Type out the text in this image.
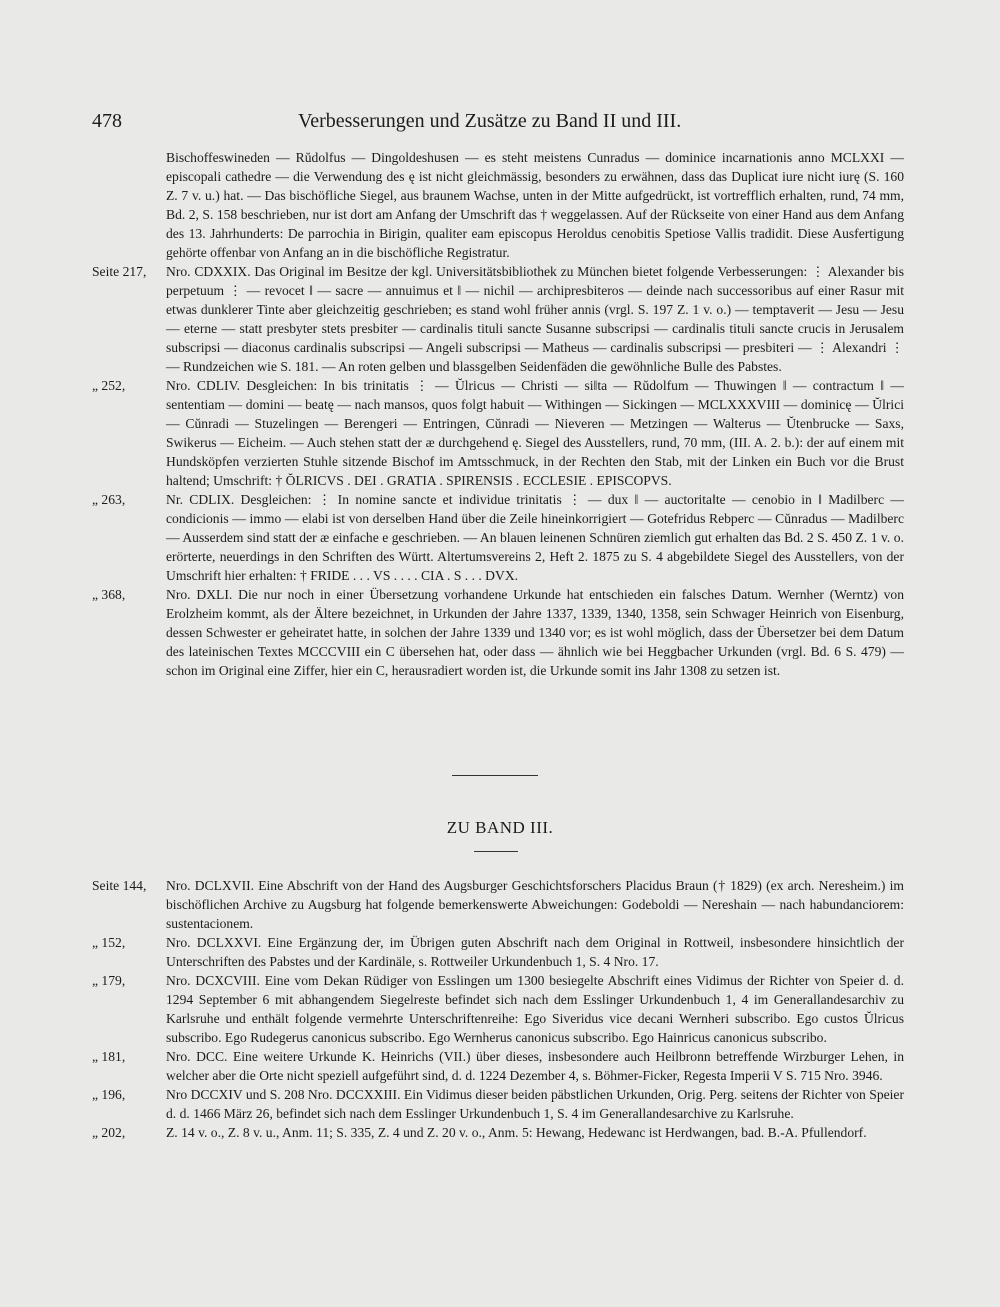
478	Verbesserungen und Zusätze zu Band II und III.

Bischoffeswineden — Rŭdolfus — Dingoldeshusen — es steht meistens Cunradus — dominice incarnationis anno MCLXXI — episcopali cathedre — die Verwendung des ę ist nicht gleichmässig, besonders zu erwähnen, dass das Duplicat iure nicht iurę (S. 160 Z. 7 v. u.) hat. — Das bischöfliche Siegel, aus braunem Wachse, unten in der Mitte aufgedrückt, ist vortrefflich erhalten, rund, 74 mm, Bd. 2, S. 158 beschrieben, nur ist dort am Anfang der Umschrift das † weggelassen. Auf der Rückseite von einer Hand aus dem Anfang des 13. Jahrhunderts: De parrochia in Birigin, qualiter eam episcopus Heroldus cenobitis Spetiose Vallis tradidit. Diese Ausfertigung gehörte offenbar von Anfang an in die bischöfliche Registratur.

Seite 217,	Nro. CDXXIX. Das Original im Besitze der kgl. Universitätsbibliothek zu München bietet folgende Verbesserungen: ⋮ Alexander bis perpetuum ⋮ — revocet ‖ — sacre — annuimus et ‖ — nichil — archipresbiteros — deinde nach successoribus auf einer Rasur mit etwas dunklerer Tinte aber gleichzeitig geschrieben; es stand wohl früher annis (vrgl. S. 197 Z. 1 v. o.) — temptaverit — Jesu — Jesu — eterne — statt presbyter stets presbiter — cardinalis tituli sancte Susanne subscripsi — cardinalis tituli sancte crucis in Jerusalem subscripsi — diaconus cardinalis subscripsi — Angeli subscripsi — Matheus — cardinalis subscripsi — presbiteri — ⋮ Alexandri ⋮ — Rundzeichen wie S. 181. — An roten gelben und blassgelben Seidenfäden die gewöhnliche Bulle des Pabstes.

„ 252,	Nro. CDLIV. Desgleichen: In bis trinitatis ⋮ — Ŭlricus — Christi — si‖ta — Rŭdolfum — Thuwingen ‖ — contractum ‖ — sententiam — domini — beatę — nach mansos, quos folgt habuit — Withingen — Sickingen — MCLXXXVIII — dominicę — Ŭlrici — Cŭnradi — Stuzelingen — Berengeri — Entringen, Cŭnradi — Nieveren — Metzingen — Walterus — Ŭtenbrucke — Saxs, Swikerus — Eicheim. — Auch stehen statt der æ durchgehend ę. Siegel des Ausstellers, rund, 70 mm, (III. A. 2. b.): der auf einem mit Hundsköpfen verzierten Stuhle sitzende Bischof im Amtsschmuck, in der Rechten den Stab, mit der Linken ein Buch vor die Brust haltend; Umschrift: † ŎLRICVS . DEI . GRATIA . SPIRENSIS . ECCLESIE . EPISCOPVS.

„ 263,	Nr. CDLIX. Desgleichen: ⋮ In nomine sancte et individue trinitatis ⋮ — dux ‖ — auctorita‖te — cenobio in ‖ Madilberc — condicionis — immo — elabi ist von derselben Hand über die Zeile hineinkorrigiert — Gotefridus Rebperc — Cŭnradus — Madilberc — Ausserdem sind statt der æ einfache e geschrieben. — An blauen leinenen Schnüren ziemlich gut erhalten das Bd. 2 S. 450 Z. 1 v. o. erörterte, neuerdings in den Schriften des Württ. Altertumsvereins 2, Heft 2. 1875 zu S. 4 abgebildete Siegel des Ausstellers, von der Umschrift hier erhalten: † FRIDE . . . VS . . . . CIA . S . . . DVX.

„ 368,	Nro. DXLI. Die nur noch in einer Übersetzung vorhandene Urkunde hat entschieden ein falsches Datum. Wernher (Werntz) von Erolzheim kommt, als der Ältere bezeichnet, in Urkunden der Jahre 1337, 1339, 1340, 1358, sein Schwager Heinrich von Eisenburg, dessen Schwester er geheiratet hatte, in solchen der Jahre 1339 und 1340 vor; es ist wohl möglich, dass der Übersetzer bei dem Datum des lateinischen Textes MCCCVIII ein C übersehen hat, oder dass — ähnlich wie bei Heggbacher Urkunden (vrgl. Bd. 6 S. 479) — schon im Original eine Ziffer, hier ein C, herausradiert worden ist, die Urkunde somit ins Jahr 1308 zu setzen ist.

ZU BAND III.
Seite 144,	Nro. DCLXVII. Eine Abschrift von der Hand des Augsburger Geschichtsforschers Placidus Braun († 1829) (ex arch. Neresheim.) im bischöflichen Archive zu Augsburg hat folgende bemerkenswerte Abweichungen: Godeboldi — Nereshain — nach habundanciorem: sustentacionem.

„ 152,	Nro. DCLXXVI. Eine Ergänzung der, im Übrigen guten Abschrift nach dem Original in Rottweil, insbesondere hinsichtlich der Unterschriften des Pabstes und der Kardinäle, s. Rottweiler Urkundenbuch 1, S. 4 Nro. 17.

„ 179,	Nro. DCXCVIII. Eine vom Dekan Rüdiger von Esslingen um 1300 besiegelte Abschrift eines Vidimus der Richter von Speier d. d. 1294 September 6 mit abhangendem Siegelreste befindet sich nach dem Esslinger Urkundenbuch 1, 4 im Generallandesarchiv zu Karlsruhe und enthält folgende vermehrte Unterschriftenreihe: Ego Siveridus vice decani Wernheri subscribo. Ego custos Ŭlricus subscribo. Ego Rudegerus canonicus subscribo. Ego Wernherus canonicus subscribo. Ego Hainricus canonicus subscribo.

„ 181,	Nro. DCC. Eine weitere Urkunde K. Heinrichs (VII.) über dieses, insbesondere auch Heilbronn betreffende Wirzburger Lehen, in welcher aber die Orte nicht speziell aufgeführt sind, d. d. 1224 Dezember 4, s. Böhmer-Ficker, Regesta Imperii V S. 715 Nro. 3946.

„ 196,	Nro DCCXIV und S. 208 Nro. DCCXXIII. Ein Vidimus dieser beiden päbstlichen Urkunden, Orig. Perg. seitens der Richter von Speier d. d. 1466 März 26, befindet sich nach dem Esslinger Urkundenbuch 1, S. 4 im Generallandesarchive zu Karlsruhe.

„ 202,	Z. 14 v. o., Z. 8 v. u., Anm. 11; S. 335, Z. 4 und Z. 20 v. o., Anm. 5: Hewang, Hedewanc ist Herdwangen, bad. B.-A. Pfullendorf.
